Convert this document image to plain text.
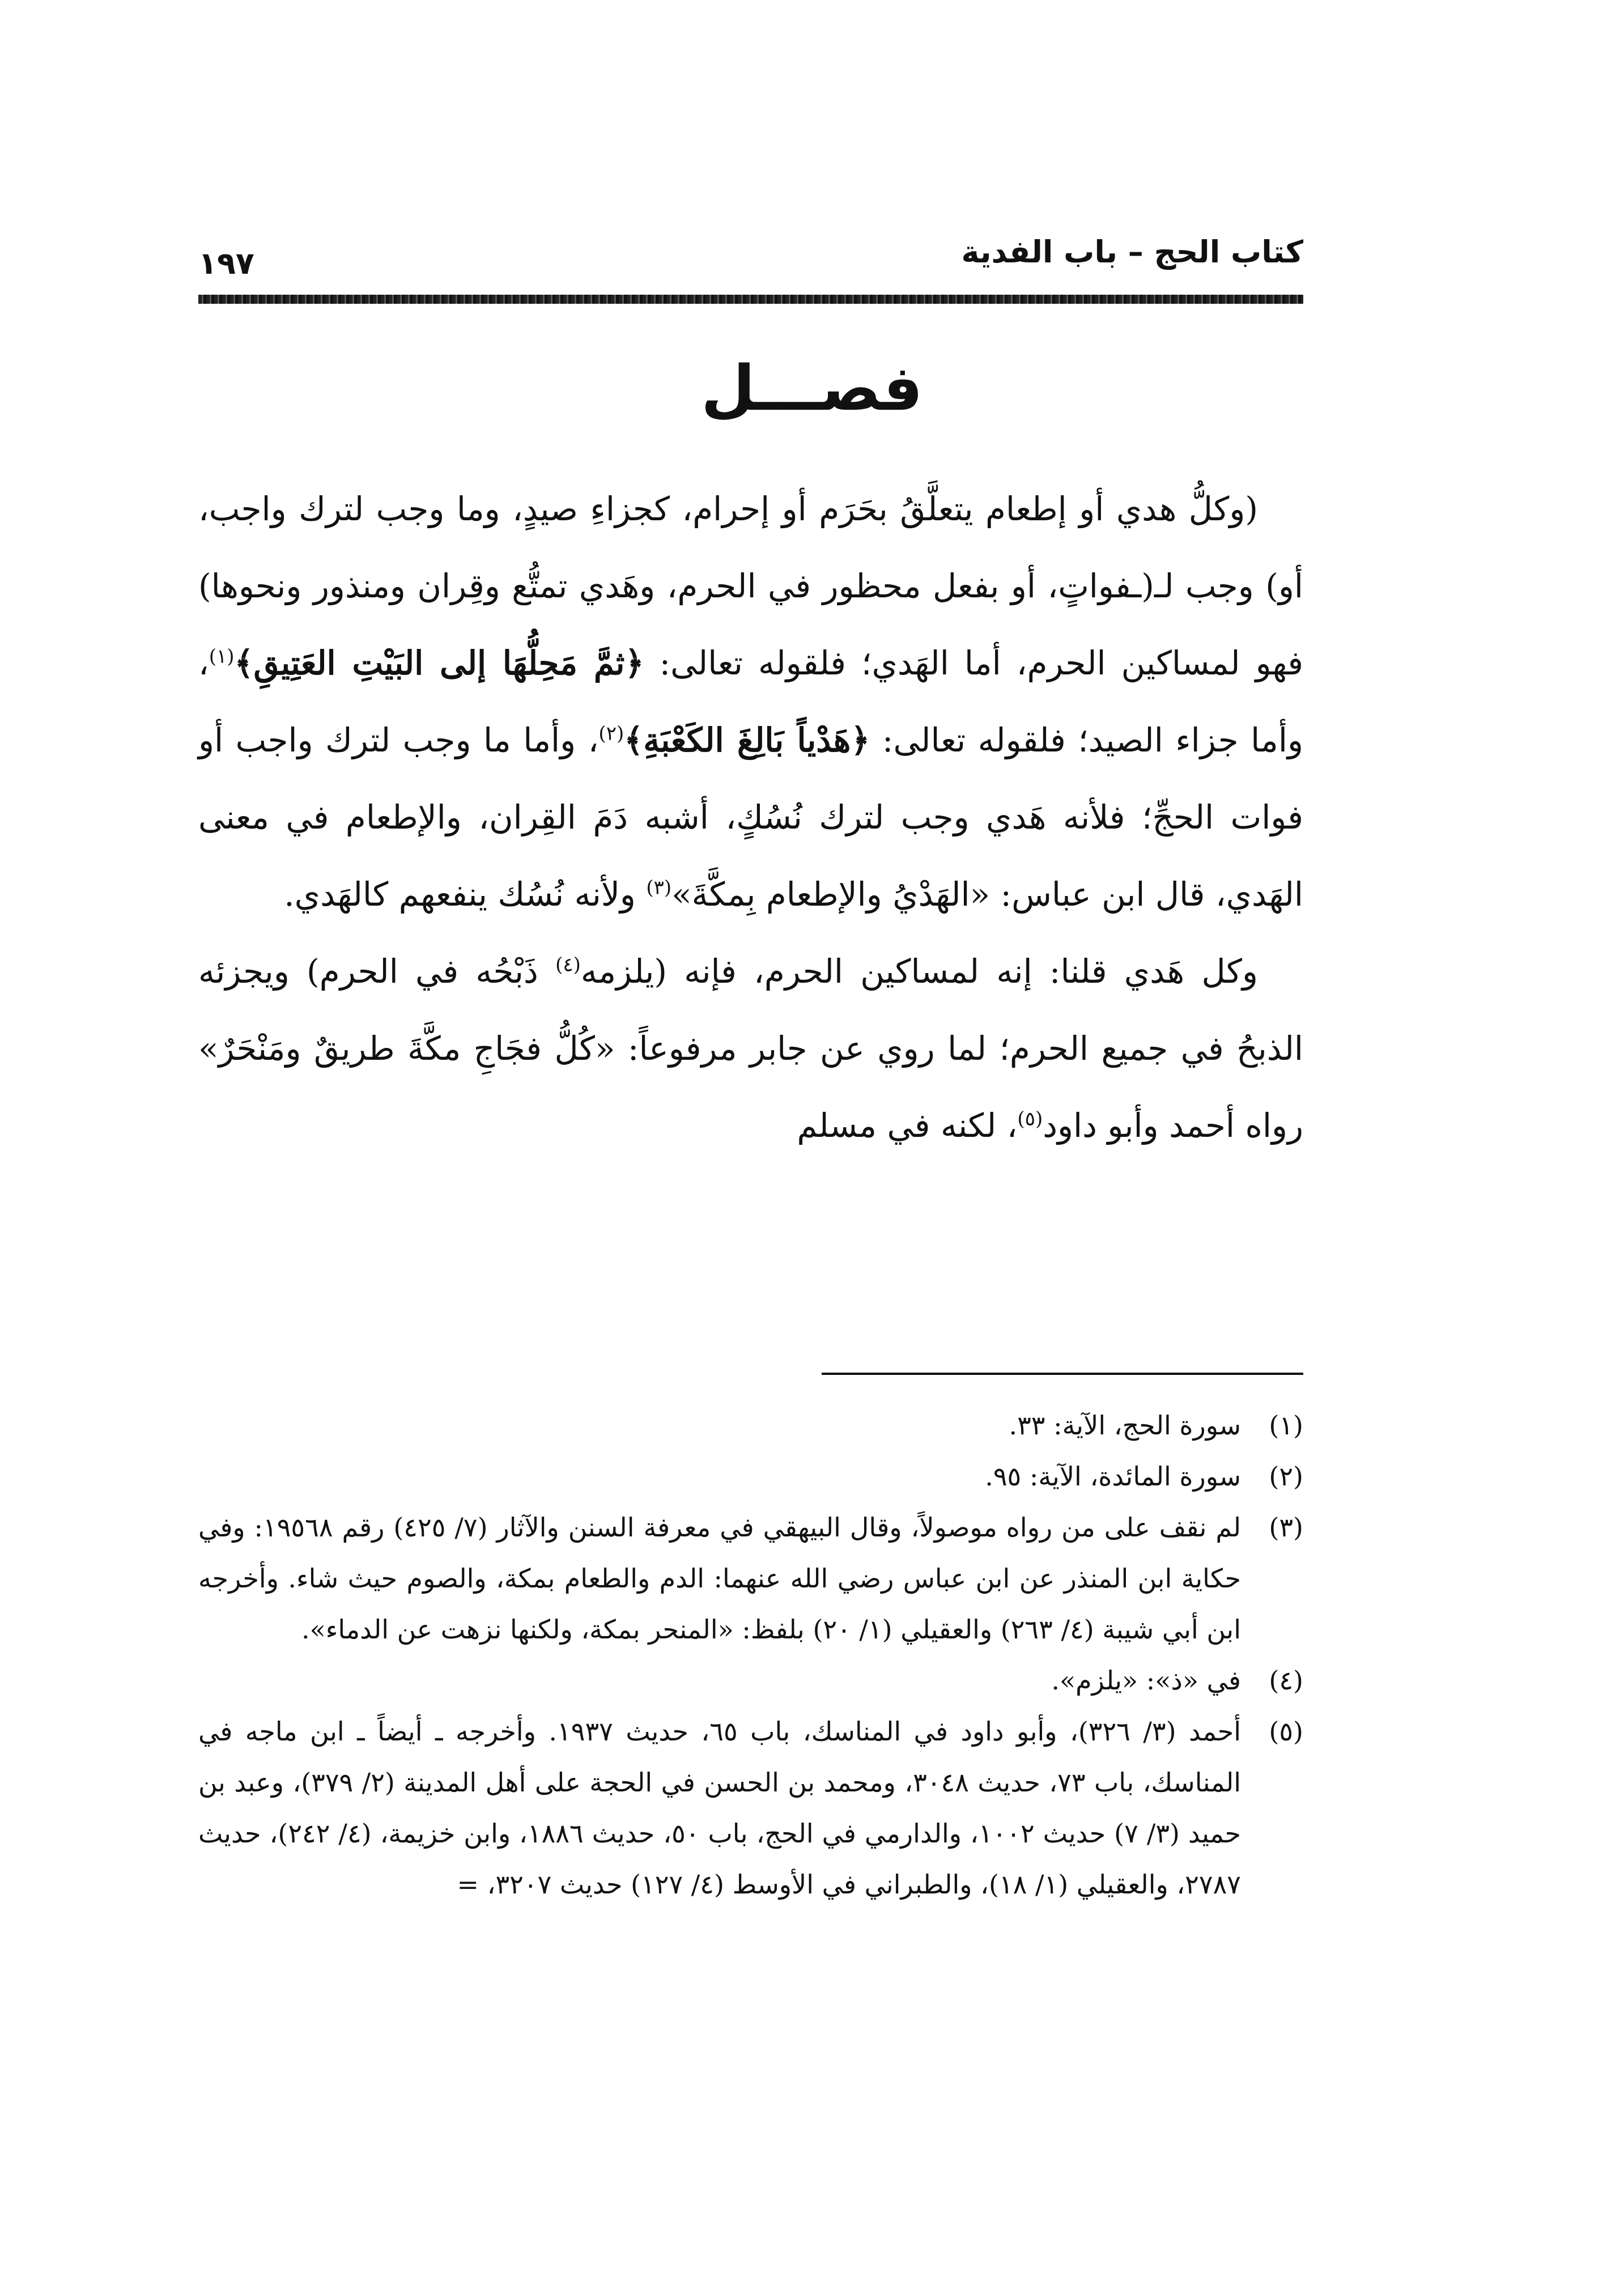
كتاب الحج – باب الفدية
١٩٧
فصـــل

(وكلُّ هدي أو إطعام يتعلَّقُ بحَرَم أو إحرام، كجزاءِ صيدٍ، وما وجب لترك واجب، أو) وجب لـ(ـفواتٍ، أو بفعل محظور في الحرم، وهَدي تمتُّع وقِران ومنذور ونحوها) فهو لمساكين الحرم، أما الهَدي؛ فلقوله تعالى: ﴿ثمَّ مَحِلُّهَا إلى البَيْتِ العَتِيقِ﴾$^{(١)}$، وأما جزاء الصيد؛ فلقوله تعالى: ﴿هَدْياً بَالِغَ الكَعْبَةِ﴾$^{(٢)}$، وأما ما وجب لترك واجب أو فوات الحجِّ؛ فلأنه هَدي وجب لترك نُسُكٍ، أشبه دَمَ القِران، والإطعام في معنى الهَدي، قال ابن عباس: «الهَدْيُ والإطعام بِمكَّةَ»$^{(٣)}$ ولأنه نُسُك ينفعهم كالهَدي.

وكل هَدي قلنا: إنه لمساكين الحرم، فإنه (يلزمه$^{(٤)}$ ذَبْحُه في الحرم) ويجزئه الذبحُ في جميع الحرم؛ لما روي عن جابر مرفوعاً: «كُلُّ فجَاجِ مكَّةَ طريقٌ ومَنْحَرٌ» رواه أحمد وأبو داود$^{(٥)}$، لكنه في مسلم

(١)
سورة الحج، الآية: ٣٣.
(٢)
سورة المائدة، الآية: ٩٥.
(٣)
لم نقف على من رواه موصولاً، وقال البيهقي في معرفة السنن والآثار (٧/ ٤٢٥) رقم ١٩٥٦٨: وفي حكاية ابن المنذر عن ابن عباس رضي الله عنهما: الدم والطعام بمكة، والصوم حيث شاء. وأخرجه ابن أبي شيبة (٤/ ٢٦٣) والعقيلي (١/ ٢٠) بلفظ: «المنحر بمكة، ولكنها نزهت عن الدماء».
(٤)
في «ذ»: «يلزم».
(٥)
أحمد (٣/ ٣٢٦)، وأبو داود في المناسك، باب ٦٥، حديث ١٩٣٧. وأخرجه ـ أيضاً ـ ابن ماجه في المناسك، باب ٧٣، حديث ٣٠٤٨، ومحمد بن الحسن في الحجة على أهل المدينة (٢/ ٣٧٩)، وعبد بن حميد (٣/ ٧) حديث ١٠٠٢، والدارمي في الحج، باب ٥٠، حديث ١٨٨٦، وابن خزيمة، (٤/ ٢٤٢)، حديث ٢٧٨٧، والعقيلي (١/ ١٨)، والطبراني في الأوسط (٤/ ١٢٧) حديث ٣٢٠٧، =
